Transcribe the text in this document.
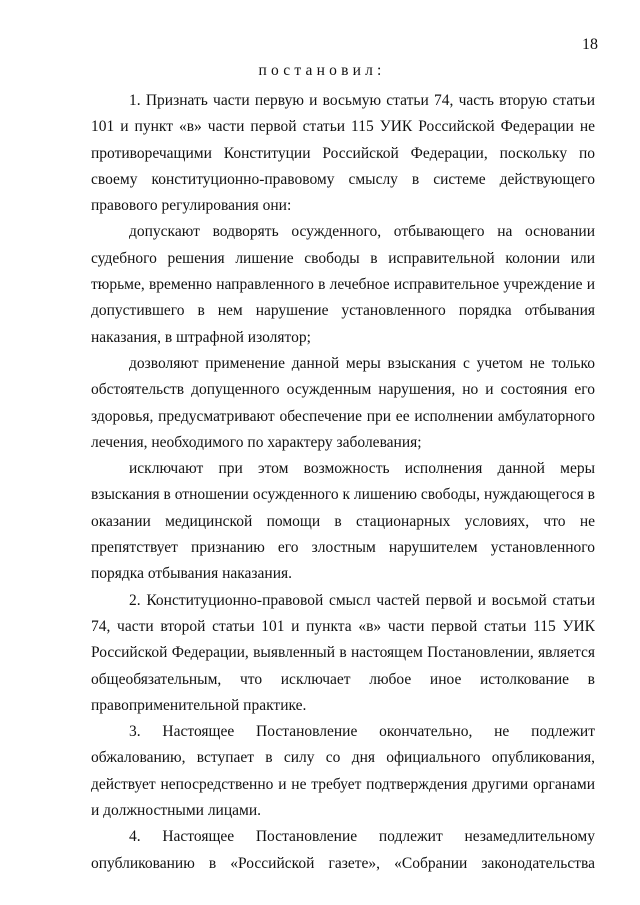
18
постановил:

1. Признать части первую и восьмую статьи 74, часть вторую статьи 101 и пункт «в» части первой статьи 115 УИК Российской Федерации не противоречащими Конституции Российской Федерации, поскольку по своему конституционно-правовому смыслу в системе действующего правового регулирования они:

допускают водворять осужденного, отбывающего на основании судебного решения лишение свободы в исправительной колонии или тюрьме, временно направленного в лечебное исправительное учреждение и допустившего в нем нарушение установленного порядка отбывания наказания, в штрафной изолятор;

дозволяют применение данной меры взыскания с учетом не только обстоятельств допущенного осужденным нарушения, но и состояния его здоровья, предусматривают обеспечение при ее исполнении амбулаторного лечения, необходимого по характеру заболевания;

исключают при этом возможность исполнения данной меры взыскания в отношении осужденного к лишению свободы, нуждающегося в оказании медицинской помощи в стационарных условиях, что не препятствует признанию его злостным нарушителем установленного порядка отбывания наказания.

2. Конституционно-правовой смысл частей первой и восьмой статьи 74, части второй статьи 101 и пункта «в» части первой статьи 115 УИК Российской Федерации, выявленный в настоящем Постановлении, является общеобязательным, что исключает любое иное истолкование в правоприменительной практике.

3. Настоящее Постановление окончательно, не подлежит обжалованию, вступает в силу со дня официального опубликования, действует непосредственно и не требует подтверждения другими органами и должностными лицами.

4. Настоящее Постановление подлежит незамедлительному опубликованию в «Российской газете», «Собрании законодательства
